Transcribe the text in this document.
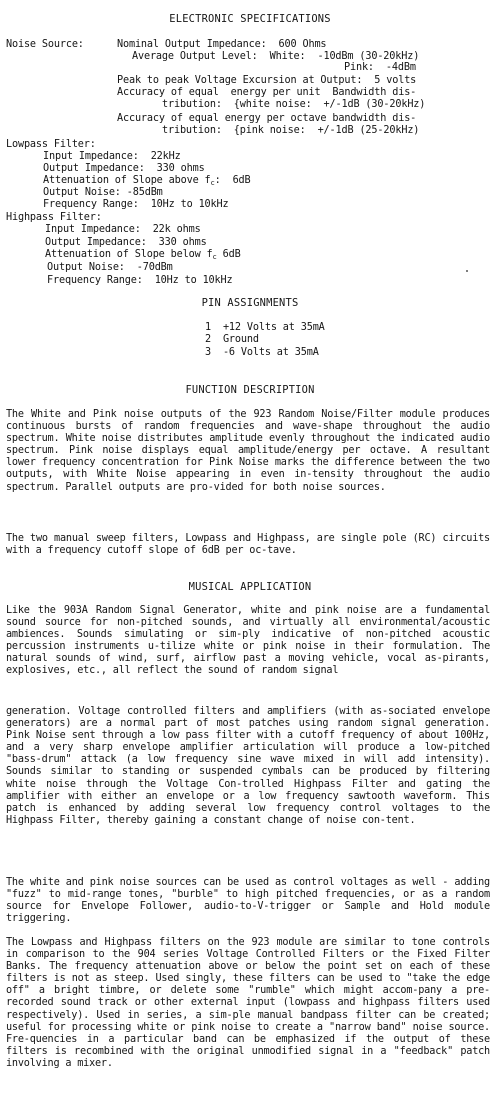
ELECTRONIC SPECIFICATIONS
Noise Source:	Nominal Output Impedance:  600 Ohms
Average Output Level:  White:  -10dBm (30-20kHz)
Pink:  -4dBm
Peak to peak Voltage Excursion at Output:  5 volts
Accuracy of equal  energy per unit  Bandwidth dis-
tribution:  {white noise:  +/-1dB (30-20kHz)
Accuracy of equal energy per octave bandwidth dis-
tribution:  {pink noise:  +/-1dB (25-20kHz)
Lowpass Filter:
Input Impedance:  22kHz
Output Impedance:  330 ohms
Attenuation of Slope above fc:  6dB
Output Noise: -85dBm
Frequency Range:  10Hz to 10kHz
Highpass Filter:
Input Impedance:  22k ohms
Output Impedance:  330 ohms
Attenuation of Slope below fc 6dB
Output Noise:  -70dBm
Frequency Range:  10Hz to 10kHz
PIN ASSIGNMENTS
1  +12 Volts at 35mA
2  Ground
3  -6 Volts at 35mA
FUNCTION DESCRIPTION
The White and Pink noise outputs of the 923 Random Noise/Filter module produces continuous bursts of random frequencies and wave-shape throughout the audio spectrum. White noise distributes amplitude evenly throughout the indicated audio spectrum. Pink noise displays equal amplitude/energy per octave. A resultant lower frequency concentration for Pink Noise marks the difference between the two outputs, with White Noise appearing in even in-tensity throughout the audio spectrum. Parallel outputs are pro-vided for both noise sources.
The two manual sweep filters, Lowpass and Highpass, are single pole (RC) circuits with a frequency cutoff slope of 6dB per oc-tave.
MUSICAL APPLICATION
Like the 903A Random Signal Generator, white and pink noise are a fundamental sound source for non-pitched sounds, and virtually all environmental/acoustic ambiences. Sounds simulating or sim-ply indicative of non-pitched acoustic percussion instruments u-tilize white or pink noise in their formulation. The natural sounds of wind, surf, airflow past a moving vehicle, vocal as-pirants, explosives, etc., all reflect the sound of random signal
generation. Voltage controlled filters and amplifiers (with as-sociated envelope generators) are a normal part of most patches using random signal generation. Pink Noise sent through a low pass filter with a cutoff frequency of about 100Hz, and a very sharp envelope amplifier articulation will produce a low-pitched "bass-drum" attack (a low frequency sine wave mixed in will add intensity). Sounds similar to standing or suspended cymbals can be produced by filtering white noise through the Voltage Con-trolled Highpass Filter and gating the amplifier with either an envelope or a low frequency sawtooth waveform. This patch is enhanced by adding several low frequency control voltages to the Highpass Filter, thereby gaining a constant change of noise con-tent.
The white and pink noise sources can be used as control voltages as well - adding "fuzz" to mid-range tones, "burble" to high pitched frequencies, or as a random source for Envelope Follower, audio-to-V-trigger or Sample and Hold module triggering.
The Lowpass and Highpass filters on the 923 module are similar to tone controls in comparison to the 904 series Voltage Controlled Filters or the Fixed Filter Banks. The frequency attenuation above or below the point set on each of these filters is not as steep. Used singly, these filters can be used to "take the edge off" a bright timbre, or delete some "rumble" which might accom-pany a pre-recorded sound track or other external input (lowpass and highpass filters used respectively). Used in series, a sim-ple manual bandpass filter can be created; useful for processing white or pink noise to create a "narrow band" noise source. Fre-quencies in a particular band can be emphasized if the output of these filters is recombined with the original unmodified signal in a "feedback" patch involving a mixer.
